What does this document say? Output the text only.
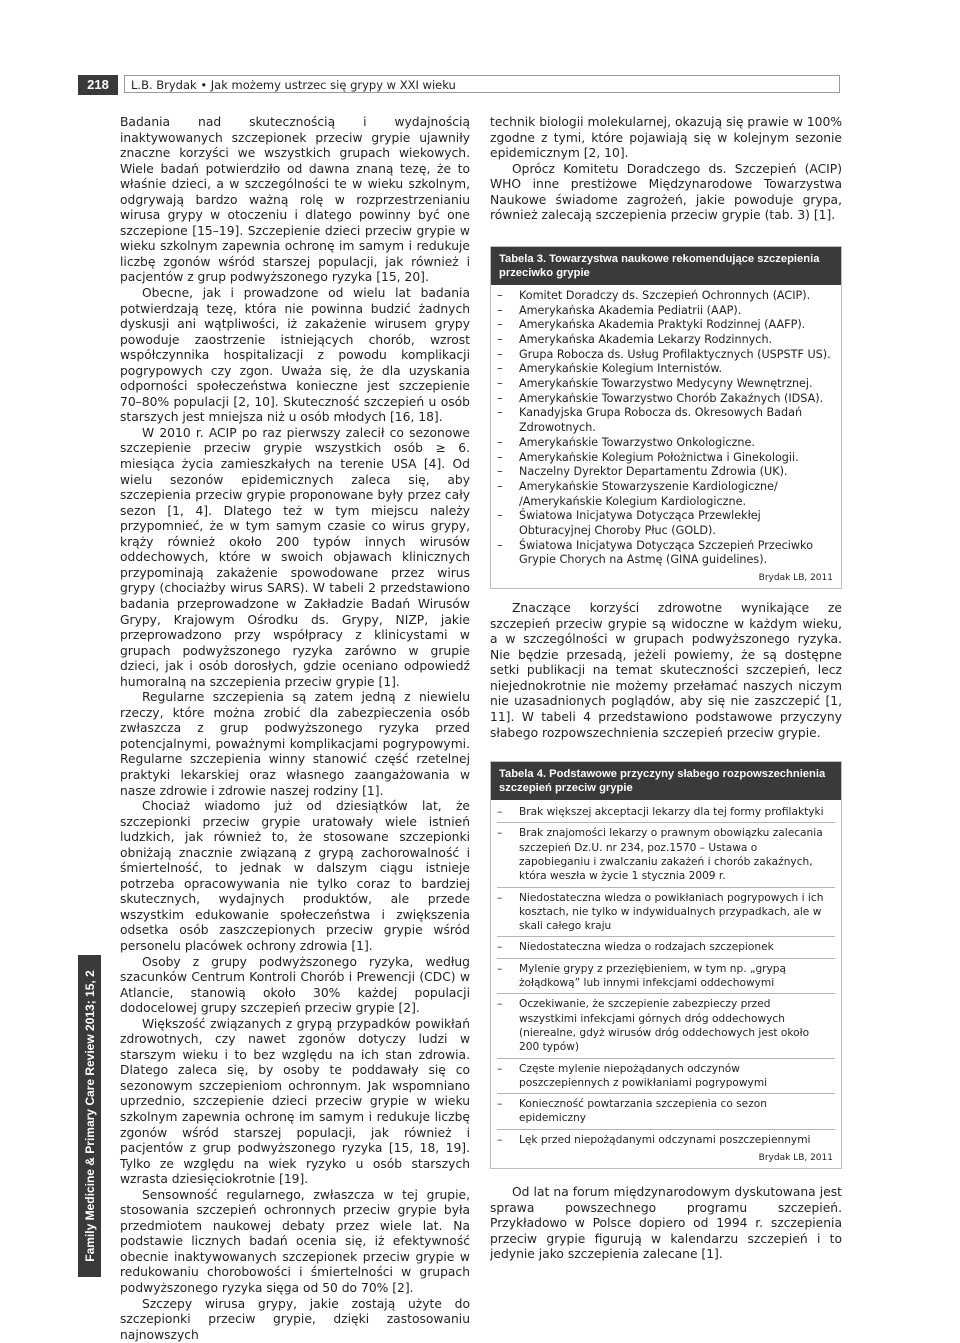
218	L.B. Brydak • Jak możemy ustrzec się grypy w XXI wieku
Family Medicine & Primary Care Review 2013; 15, 2

Badania nad skutecznością i wydajnością inaktywowanych szczepionek przeciw grypie ujawniły znaczne korzyści we wszystkich grupach wiekowych. Wiele badań potwierdziło od dawna znaną tezę, że to właśnie dzieci, a w szczególności te w wieku szkolnym, odgrywają bardzo ważną rolę w rozprzestrzenianiu wirusa grypy w otoczeniu i dlatego powinny być one szczepione [15–19]. Szczepienie dzieci przeciw grypie w wieku szkolnym zapewnia ochronę im samym i redukuje liczbę zgonów wśród starszej populacji, jak również i pacjentów z grup podwyższonego ryzyka [15, 20].

Obecne, jak i prowadzone od wielu lat badania potwierdzają tezę, która nie powinna budzić żadnych dyskusji ani wątpliwości, iż zakażenie wirusem grypy powoduje zaostrzenie istniejących chorób, wzrost współczynnika hospitalizacji z powodu komplikacji pogrypowych czy zgon. Uważa się, że dla uzyskania odporności społeczeństwa konieczne jest szczepienie 70–80% populacji [2, 10]. Skuteczność szczepień u osób starszych jest mniejsza niż u osób młodych [16, 18].

W 2010 r. ACIP po raz pierwszy zalecił co sezonowe szczepienie przeciw grypie wszystkich osób ≥ 6. miesiąca życia zamieszkałych na terenie USA [4]. Od wielu sezonów epidemicznych zaleca się, aby szczepienia przeciw grypie proponowane były przez cały sezon [1, 4]. Dlatego też w tym miejscu należy przypomnieć, że w tym samym czasie co wirus grypy, krąży również około 200 typów innych wirusów oddechowych, które w swoich objawach klinicznych przypominają zakażenie spowodowane przez wirus grypy (chociażby wirus SARS). W tabeli 2 przedstawiono badania przeprowadzone w Zakładzie Badań Wirusów Grypy, Krajowym Ośrodku ds. Grypy, NIZP, jakie przeprowadzono przy współpracy z klinicystami w grupach podwyższonego ryzyka zarówno w grupie dzieci, jak i osób dorosłych, gdzie oceniano odpowiedź humoralną na szczepienia przeciw grypie [1].

Regularne szczepienia są zatem jedną z niewielu rzeczy, które można zrobić dla zabezpieczenia osób zwłaszcza z grup podwyższonego ryzyka przed potencjalnymi, poważnymi komplikacjami pogrypowymi. Regularne szczepienia winny stanowić część rzetelnej praktyki lekarskiej oraz własnego zaangażowania w nasze zdrowie i zdrowie naszej rodziny [1].

Chociaż wiadomo już od dziesiątków lat, że szczepionki przeciw grypie uratowały wiele istnień ludzkich, jak również to, że stosowane szczepionki obniżają znacznie związaną z grypą zachorowalność i śmiertelność, to jednak w dalszym ciągu istnieje potrzeba opracowywania nie tylko coraz to bardziej skutecznych, wydajnych produktów, ale przede wszystkim edukowanie społeczeństwa i zwiększenia odsetka osób zaszczepionych przeciw grypie wśród personelu placówek ochrony zdrowia [1].

Osoby z grupy podwyższonego ryzyka, według szacunków Centrum Kontroli Chorób i Prewencji (CDC) w Atlancie, stanowią około 30% każdej populacji dodocelowej grupy szczepień przeciw grypie [2].

Większość związanych z grypą przypadków powikłań zdrowotnych, czy nawet zgonów dotyczy ludzi w starszym wieku i to bez względu na ich stan zdrowia. Dlatego zaleca się, by osoby te poddawały się co sezonowym szczepieniom ochronnym. Jak wspomniano uprzednio, szczepienie dzieci przeciw grypie w wieku szkolnym zapewnia ochronę im samym i redukuje liczbę zgonów wśród starszej populacji, jak również i pacjentów z grup podwyższonego ryzyka [15, 18, 19]. Tylko ze względu na wiek ryzyko u osób starszych wzrasta dziesięciokrotnie [19].

Sensowność regularnego, zwłaszcza w tej grupie, stosowania szczepień ochronnych przeciw grypie była przedmiotem naukowej debaty przez wiele lat. Na podstawie licznych badań ocenia się, iż efektywność obecnie inaktywowanych szczepionek przeciw grypie w redukowaniu chorobowości i śmiertelności w grupach podwyższonego ryzyka sięga od 50 do 70% [2].

Szczepy wirusa grypy, jakie zostają użyte do szczepionki przeciw grypie, dzięki zastosowaniu najnowszych

technik biologii molekularnej, okazują się prawie w 100% zgodne z tymi, które pojawiają się w kolejnym sezonie epidemicznym [2, 10].

Oprócz Komitetu Doradczego ds. Szczepień (ACIP) WHO inne prestiżowe Międzynarodowe Towarzystwa Naukowe świadome zagrożeń, jakie powoduje grypa, również zalecają szczepienia przeciw grypie (tab. 3) [1].

Tabela 3. Towarzystwa naukowe rekomendujące szczepienia przeciwko grypie
– Komitet Doradczy ds. Szczepień Ochronnych (ACIP).
– Amerykańska Akademia Pediatrii (AAP).
– Amerykańska Akademia Praktyki Rodzinnej (AAFP).
– Amerykańska Akademia Lekarzy Rodzinnych.
– Grupa Robocza ds. Usług Profilaktycznych (USPSTF US).
– Amerykańskie Kolegium Internistów.
– Amerykańskie Towarzystwo Medycyny Wewnętrznej.
– Amerykańskie Towarzystwo Chorób Zakaźnych (IDSA).
– Kanadyjska Grupa Robocza ds. Okresowych Badań Zdrowotnych.
– Amerykańskie Towarzystwo Onkologiczne.
– Amerykańskie Kolegium Położnictwa i Ginekologii.
– Naczelny Dyrektor Departamentu Zdrowia (UK).
– Amerykańskie Stowarzyszenie Kardiologiczne/ /Amerykańskie Kolegium Kardiologiczne.
– Światowa Inicjatywa Dotycząca Przewlekłej Obturacyjnej Choroby Płuc (GOLD).
– Światowa Inicjatywa Dotycząca Szczepień Przeciwko Grypie Chorych na Astmę (GINA guidelines).
Brydak LB, 2011

Znaczące korzyści zdrowotne wynikające ze szczepień przeciw grypie są widoczne w każdym wieku, a w szczególności w grupach podwyższonego ryzyka. Nie będzie przesadą, jeżeli powiemy, że są dostępne setki publikacji na temat skuteczności szczepień, lecz niejednokrotnie nie możemy przełamać naszych niczym nie uzasadnionych poglądów, aby się nie zaszczepić [1, 11]. W tabeli 4 przedstawiono podstawowe przyczyny słabego rozpowszechnienia szczepień przeciw grypie.

Tabela 4. Podstawowe przyczyny słabego rozpowszechnienia szczepień przeciw grypie
– Brak większej akceptacji lekarzy dla tej formy profilaktyki
– Brak znajomości lekarzy o prawnym obowiązku zalecania szczepień Dz.U. nr 234, poz.1570 – Ustawa o zapobieganiu i zwalczaniu zakażeń i chorób zakaźnych, która weszła w życie 1 stycznia 2009 r.
– Niedostateczna wiedza o powikłaniach pogrypowych i ich kosztach, nie tylko w indywidualnych przypadkach, ale w skali całego kraju
– Niedostateczna wiedza o rodzajach szczepionek
– Mylenie grypy z przeziębieniem, w tym np. „grypą żołądkową” lub innymi infekcjami oddechowymi
– Oczekiwanie, że szczepienie zabezpieczy przed wszystkimi infekcjami górnych dróg oddechowych (nierealne, gdyż wirusów dróg oddechowych jest około 200 typów)
– Częste mylenie niepożądanych odczynów poszczepiennych z powikłaniami pogrypowymi
– Konieczność powtarzania szczepienia co sezon epidemiczny
– Lęk przed niepożądanymi odczynami poszczepiennymi
Brydak LB, 2011

Od lat na forum międzynarodowym dyskutowana jest sprawa powszechnego programu szczepień. Przykładowo w Polsce dopiero od 1994 r. szczepienia przeciw grypie figurują w kalendarzu szczepień i to jedynie jako szczepienia zalecane [1].
